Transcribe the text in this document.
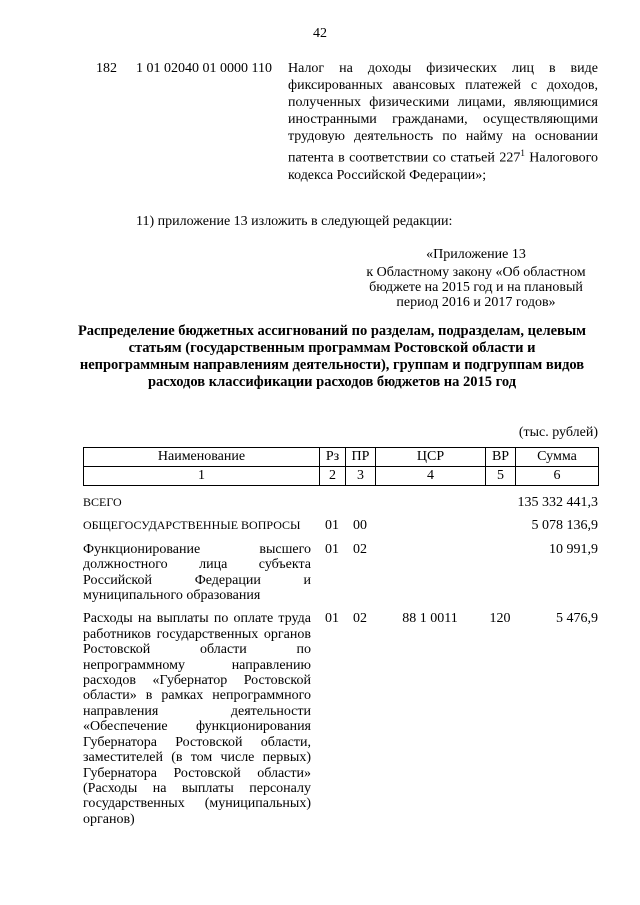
42
182 1 01 02040 01 0000 110 Налог на доходы физических лиц в виде фиксированных авансовых платежей с доходов, полученных физическими лицами, являющимися иностранными гражданами, осуществляющими трудовую деятельность по найму на основании патента в соответствии со статьей $227^1$ Налогового кодекса Российской Федерации»;
11) приложение 13 изложить в следующей редакции:
«Приложение 13
к Областному закону «Об областном бюджете на 2015 год и на плановый период 2016 и 2017 годов»
Распределение бюджетных ассигнований по разделам, подразделам, целевым статьям (государственным программам Ростовской области и непрограммным направлениям деятельности), группам и подгруппам видов расходов классификации расходов бюджетов на 2015 год
(тыс. рублей)
Наименование	Рз	ПР	ЦСР	ВР	Сумма
1	2	3	4	5	6
ВСЕГО					135 332 441,3
ОБЩЕГОСУДАРСТВЕННЫЕ ВОПРОСЫ	01	00			5 078 136,9
Функционирование высшего должностного лица субъекта Российской Федерации и муниципального образования	01	02			10 991,9
Расходы на выплаты по оплате труда работников государственных органов Ростовской области по непрограммному направлению расходов «Губернатор Ростовской области» в рамках непрограммного направления деятельности «Обеспечение функционирования Губернатора Ростовской области, заместителей (в том числе первых) Губернатора Ростовской области» (Расходы на выплаты персоналу государственных (муниципальных) органов)	01	02	88 1 0011	120	5 476,9
